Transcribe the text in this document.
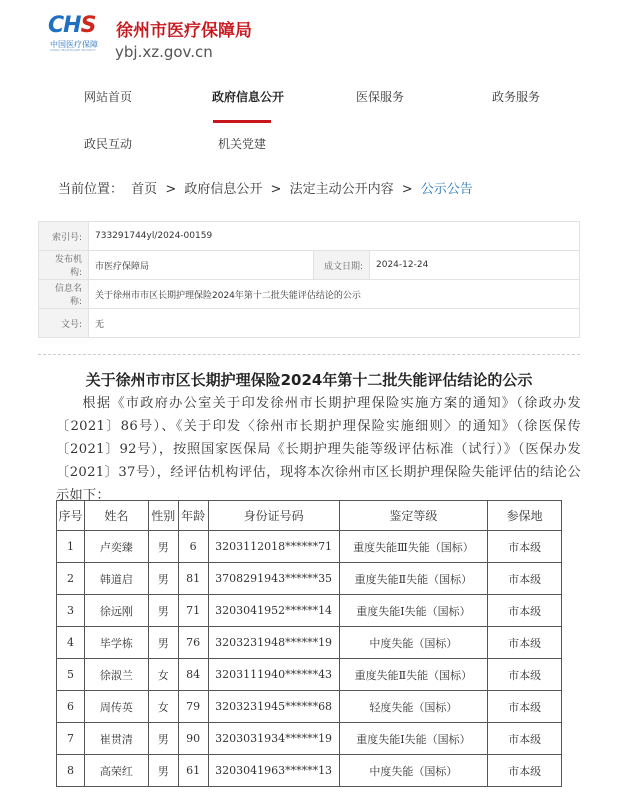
CHS
中国医疗保障
CHINA HEALTHCARE SECURITY
徐州市医疗保障局
ybj.xz.gov.cn
网站首页	政府信息公开	医保服务	政务服务
政民互动	机关党建
当前位置： 首页 > 政府信息公开 > 法定主动公开内容 > 公示公告
索引号:	733291744yl/2024-00159		
发布机构:	市医疗保障局	成文日期:	2024-12-24
信息名称:	关于徐州市市区长期护理保险2024年第十二批失能评估结论的公示		
文号:	无		
关于徐州市市区长期护理保险2024年第十二批失能评估结论的公示
根据《市政府办公室关于印发徐州市长期护理保险实施方案的通知》（徐政办发〔2021〕86号）、《关于印发〈徐州市长期护理保险实施细则〉的通知》（徐医保传〔2021〕92号），按照国家医保局《长期护理失能等级评估标准（试行）》（医保办发〔2021〕37号），经评估机构评估，现将本次徐州市区长期护理保险失能评估的结论公示如下：
序号	姓名	性别	年龄	身份证号码	鉴定等级	参保地
1	卢奕臻	男	6	3203112018******71	重度失能Ⅲ失能（国标）	市本级
2	韩道启	男	81	3708291943******35	重度失能Ⅱ失能（国标）	市本级
3	徐远刚	男	71	3203041952******14	重度失能Ⅰ失能（国标）	市本级
4	毕学栋	男	76	3203231948******19	中度失能（国标）	市本级
5	徐淑兰	女	84	3203111940******43	重度失能Ⅱ失能（国标）	市本级
6	周传英	女	79	3203231945******68	轻度失能（国标）	市本级
7	崔贯清	男	90	3203031934******19	重度失能Ⅰ失能（国标）	市本级
8	高荣红	男	61	3203041963******13	中度失能（国标）	市本级
